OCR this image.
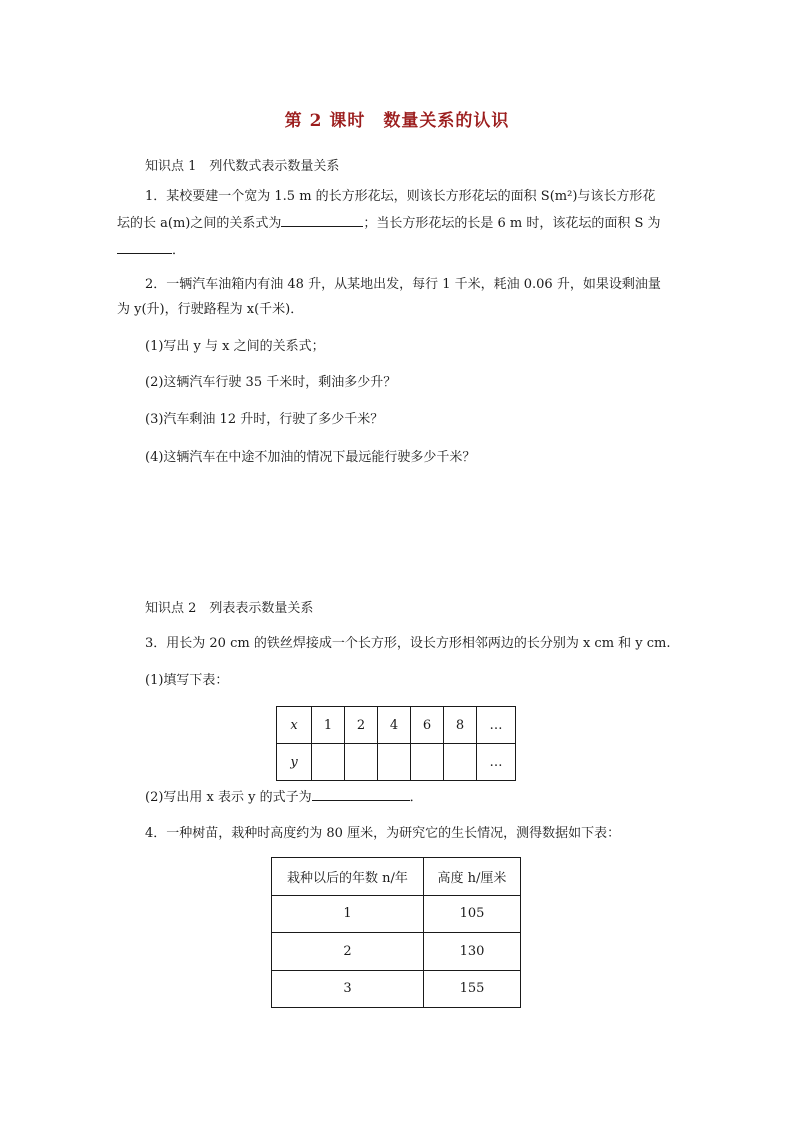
第 2 课时　数量关系的认识
知识点 1　列代数式表示数量关系
1．某校要建一个宽为 1.5 m 的长方形花坛，则该长方形花坛的面积 S(m²)与该长方形花
坛的长 a(m)之间的关系式为	；当长方形花坛的长是 6 m 时，该花坛的面积 S 为
．
2．一辆汽车油箱内有油 48 升，从某地出发，每行 1 千米，耗油 0.06 升，如果设剩油量
为 y(升)，行驶路程为 x(千米)．
(1)写出 y 与 x 之间的关系式；
(2)这辆汽车行驶 35 千米时，剩油多少升？
(3)汽车剩油 12 升时，行驶了多少千米？
(4)这辆汽车在中途不加油的情况下最远能行驶多少千米？
知识点 2　列表表示数量关系
3．用长为 20 cm 的铁丝焊接成一个长方形，设长方形相邻两边的长分别为 x cm 和 y cm.
(1)填写下表：
x	1	2	4	6	8	…
y						…
(2)写出用 x 表示 y 的式子为	．
4．一种树苗，栽种时高度约为 80 厘米，为研究它的生长情况，测得数据如下表：
栽种以后的年数 n/年	高度 h/厘米
1	105
2	130
3	155
